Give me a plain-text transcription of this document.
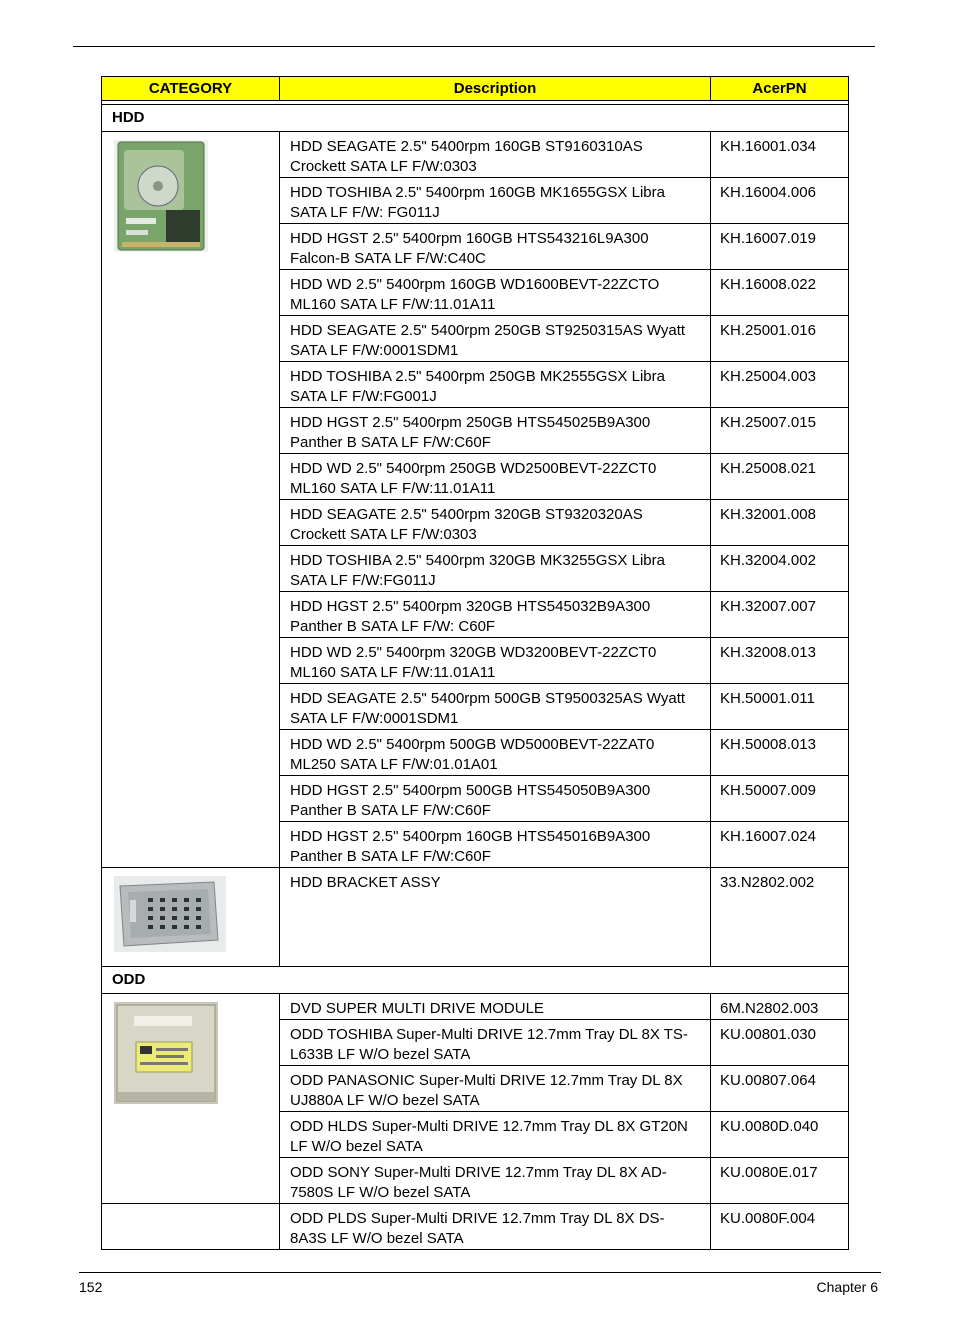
CATEGORY	Description	AcerPN

HDD		

	HDD SEAGATE 2.5" 5400rpm 160GB ST9160310AS Crockett SATA LF F/W:0303	KH.16001.034
	HDD TOSHIBA 2.5" 5400rpm 160GB MK1655GSX Libra SATA LF F/W: FG011J	KH.16004.006
	HDD HGST 2.5" 5400rpm 160GB HTS543216L9A300 Falcon-B SATA LF F/W:C40C	KH.16007.019
	HDD WD 2.5" 5400rpm 160GB WD1600BEVT-22ZCTO ML160 SATA LF F/W:11.01A11	KH.16008.022
	HDD SEAGATE 2.5" 5400rpm 250GB ST9250315AS Wyatt SATA LF F/W:0001SDM1	KH.25001.016
	HDD TOSHIBA 2.5" 5400rpm 250GB MK2555GSX Libra SATA LF F/W:FG001J	KH.25004.003
	HDD HGST 2.5" 5400rpm 250GB HTS545025B9A300 Panther B SATA LF F/W:C60F	KH.25007.015
	HDD WD 2.5" 5400rpm 250GB WD2500BEVT-22ZCT0 ML160 SATA LF F/W:11.01A11	KH.25008.021
	HDD SEAGATE 2.5" 5400rpm 320GB ST9320320AS Crockett SATA LF F/W:0303	KH.32001.008
	HDD TOSHIBA 2.5" 5400rpm 320GB MK3255GSX Libra SATA LF F/W:FG011J	KH.32004.002
	HDD HGST 2.5" 5400rpm 320GB HTS545032B9A300 Panther B SATA LF F/W: C60F	KH.32007.007
	HDD WD 2.5" 5400rpm 320GB WD3200BEVT-22ZCT0 ML160 SATA LF F/W:11.01A11	KH.32008.013
	HDD SEAGATE 2.5" 5400rpm 500GB ST9500325AS Wyatt SATA LF F/W:0001SDM1	KH.50001.011
	HDD WD 2.5" 5400rpm 500GB WD5000BEVT-22ZAT0 ML250 SATA LF F/W:01.01A01	KH.50008.013
	HDD HGST 2.5" 5400rpm 500GB HTS545050B9A300 Panther B SATA LF F/W:C60F	KH.50007.009
	HDD HGST 2.5" 5400rpm 160GB HTS545016B9A300 Panther B SATA LF F/W:C60F	KH.16007.024

	HDD BRACKET ASSY	33.N2802.002
ODD		

	DVD SUPER MULTI DRIVE MODULE	6M.N2802.003
	ODD TOSHIBA Super-Multi DRIVE 12.7mm Tray DL 8X TS-L633B LF W/O bezel SATA	KU.00801.030
	ODD PANASONIC Super-Multi DRIVE 12.7mm Tray DL 8X UJ880A LF W/O bezel SATA	KU.00807.064
	ODD HLDS Super-Multi DRIVE 12.7mm Tray DL 8X GT20N LF W/O bezel SATA	KU.0080D.040
	ODD SONY Super-Multi DRIVE 12.7mm Tray DL 8X AD-7580S LF W/O bezel SATA	KU.0080E.017
	ODD PLDS Super-Multi DRIVE 12.7mm Tray DL 8X DS-8A3S LF W/O bezel SATA	KU.0080F.004
152	Chapter 6
